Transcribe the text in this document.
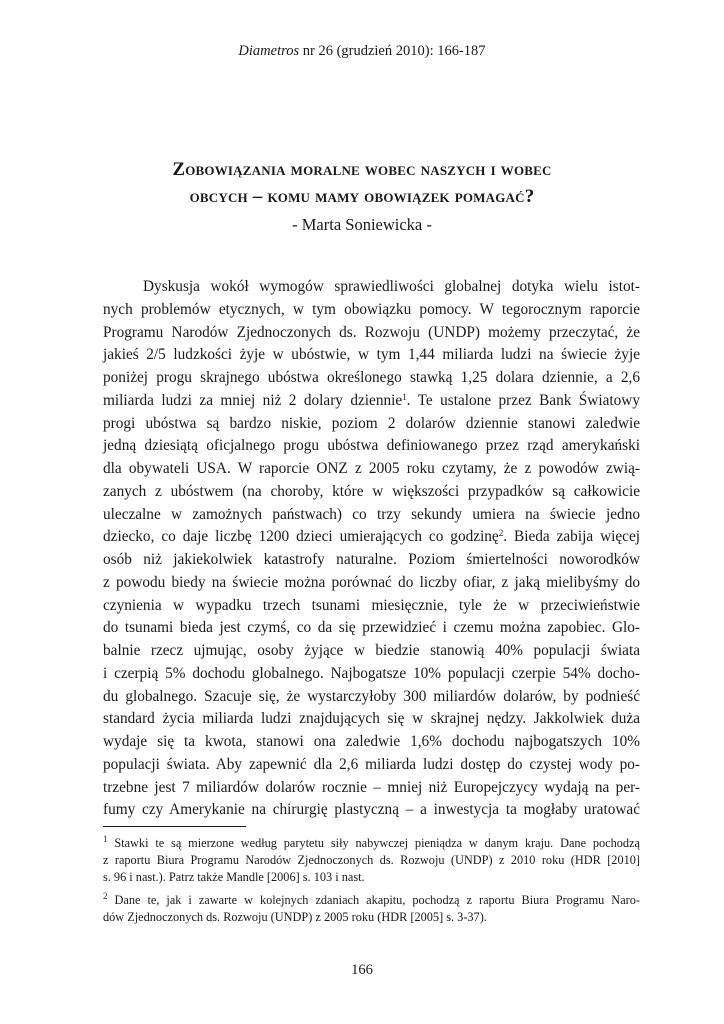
Diametros nr 26 (grudzień 2010): 166-187
Zobowiązania moralne wobec naszych i wobec
obcych – komu mamy obowiązek pomagać?
- Marta Soniewicka -
Dyskusja wokół wymogów sprawiedliwości globalnej dotyka wielu istot-
nych problemów etycznych, w tym obowiązku pomocy. W tegorocznym raporcie
Programu Narodów Zjednoczonych ds. Rozwoju (UNDP) możemy przeczytać, że
jakieś 2/5 ludzkości żyje w ubóstwie, w tym 1,44 miliarda ludzi na świecie żyje
poniżej progu skrajnego ubóstwa określonego stawką 1,25 dolara dziennie, a 2,6
miliarda ludzi za mniej niż 2 dolary dziennie$^1$. Te ustalone przez Bank Światowy
progi ubóstwa są bardzo niskie, poziom 2 dolarów dziennie stanowi zaledwie
jedną dziesiątą oficjalnego progu ubóstwa definiowanego przez rząd amerykański
dla obywateli USA. W raporcie ONZ z 2005 roku czytamy, że z powodów zwią-
zanych z ubóstwem (na choroby, które w większości przypadków są całkowicie
uleczalne w zamożnych państwach) co trzy sekundy umiera na świecie jedno
dziecko, co daje liczbę 1200 dzieci umierających co godzinę$^2$. Bieda zabija więcej
osób niż jakiekolwiek katastrofy naturalne. Poziom śmiertelności noworodków
z powodu biedy na świecie można porównać do liczby ofiar, z jaką mielibyśmy do
czynienia w wypadku trzech tsunami miesięcznie, tyle że w przeciwieństwie
do tsunami bieda jest czymś, co da się przewidzieć i czemu można zapobiec. Glo-
balnie rzecz ujmując, osoby żyjące w biedzie stanowią 40% populacji świata
i czerpią 5% dochodu globalnego. Najbogatsze 10% populacji czerpie 54% docho-
du globalnego. Szacuje się, że wystarczyłoby 300 miliardów dolarów, by podnieść
standard życia miliarda ludzi znajdujących się w skrajnej nędzy. Jakkolwiek duża
wydaje się ta kwota, stanowi ona zaledwie 1,6% dochodu najbogatszych 10%
populacji świata. Aby zapewnić dla 2,6 miliarda ludzi dostęp do czystej wody po-
trzebne jest 7 miliardów dolarów rocznie – mniej niż Europejczycy wydają na per-
fumy czy Amerykanie na chirurgię plastyczną – a inwestycja ta mogłaby uratować
$^1$ Stawki te są mierzone według parytetu siły nabywczej pieniądza w danym kraju. Dane pochodzą
z raportu Biura Programu Narodów Zjednoczonych ds. Rozwoju (UNDP) z 2010 roku (HDR [2010]
s. 96 i nast.). Patrz także Mandle [2006] s. 103 i nast.
$^2$ Dane te, jak i zawarte w kolejnych zdaniach akapitu, pochodzą z raportu Biura Programu Naro-
dów Zjednoczonych ds. Rozwoju (UNDP) z 2005 roku (HDR [2005] s. 3-37).
166
